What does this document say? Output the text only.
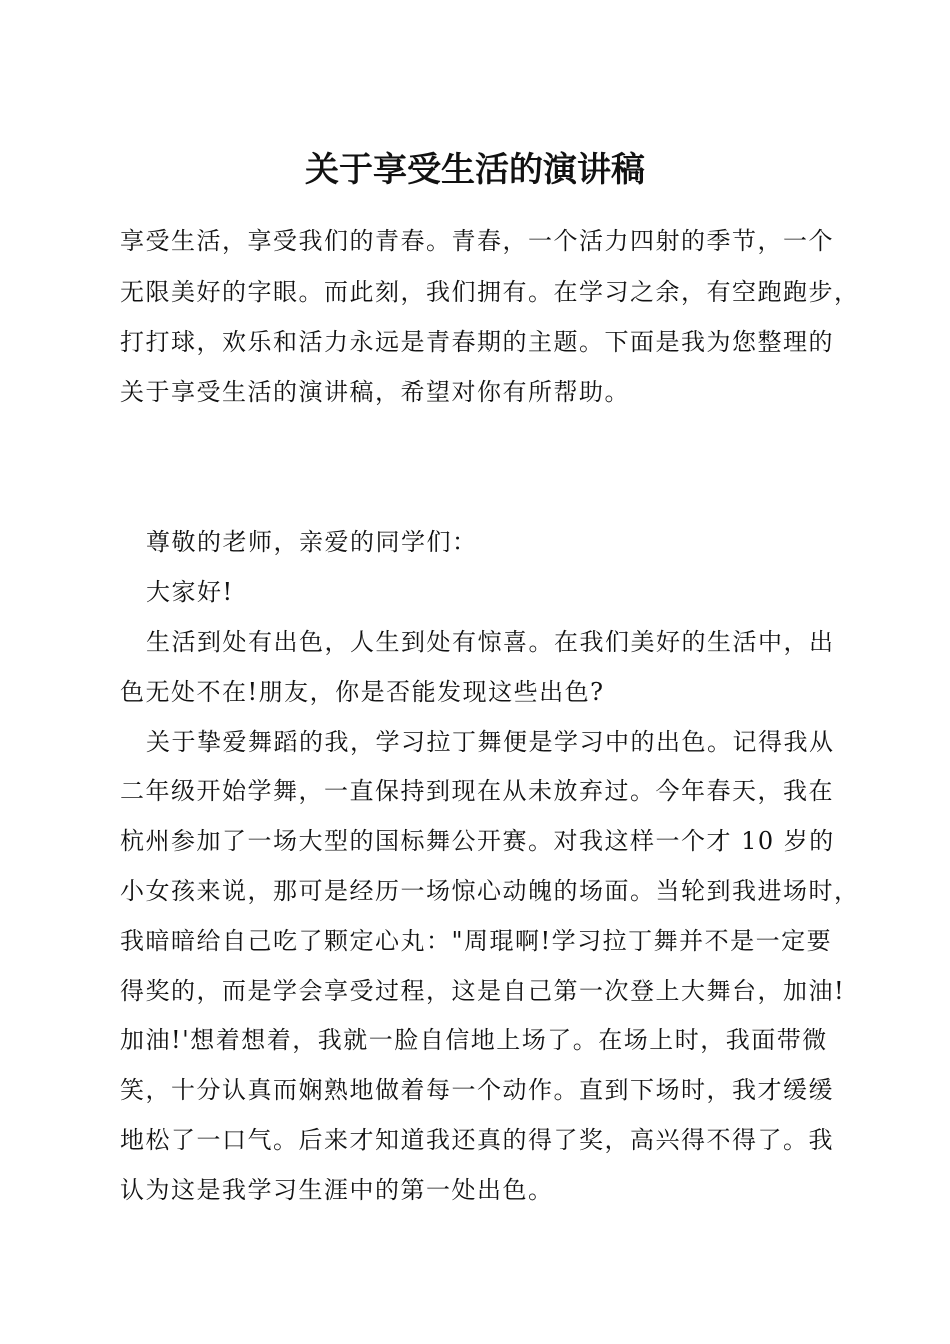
关于享受生活的演讲稿
享受生活，享受我们的青春。青春，一个活力四射的季节，一个
无限美好的字眼。而此刻，我们拥有。在学习之余，有空跑跑步，
打打球，欢乐和活力永远是青春期的主题。下面是我为您整理的
关于享受生活的演讲稿，希望对你有所帮助。
尊敬的老师，亲爱的同学们：
大家好!
生活到处有出色，人生到处有惊喜。在我们美好的生活中，出
色无处不在!朋友，你是否能发现这些出色?
关于挚爱舞蹈的我，学习拉丁舞便是学习中的出色。记得我从
二年级开始学舞，一直保持到现在从未放弃过。今年春天，我在
杭州参加了一场大型的国标舞公开赛。对我这样一个才 10 岁的
小女孩来说，那可是经历一场惊心动魄的场面。当轮到我进场时，
我暗暗给自己吃了颗定心丸："周琨啊!学习拉丁舞并不是一定要
得奖的，而是学会享受过程，这是自己第一次登上大舞台，加油!
加油!'想着想着，我就一脸自信地上场了。在场上时，我面带微
笑，十分认真而娴熟地做着每一个动作。直到下场时，我才缓缓
地松了一口气。后来才知道我还真的得了奖，高兴得不得了。我
认为这是我学习生涯中的第一处出色。
